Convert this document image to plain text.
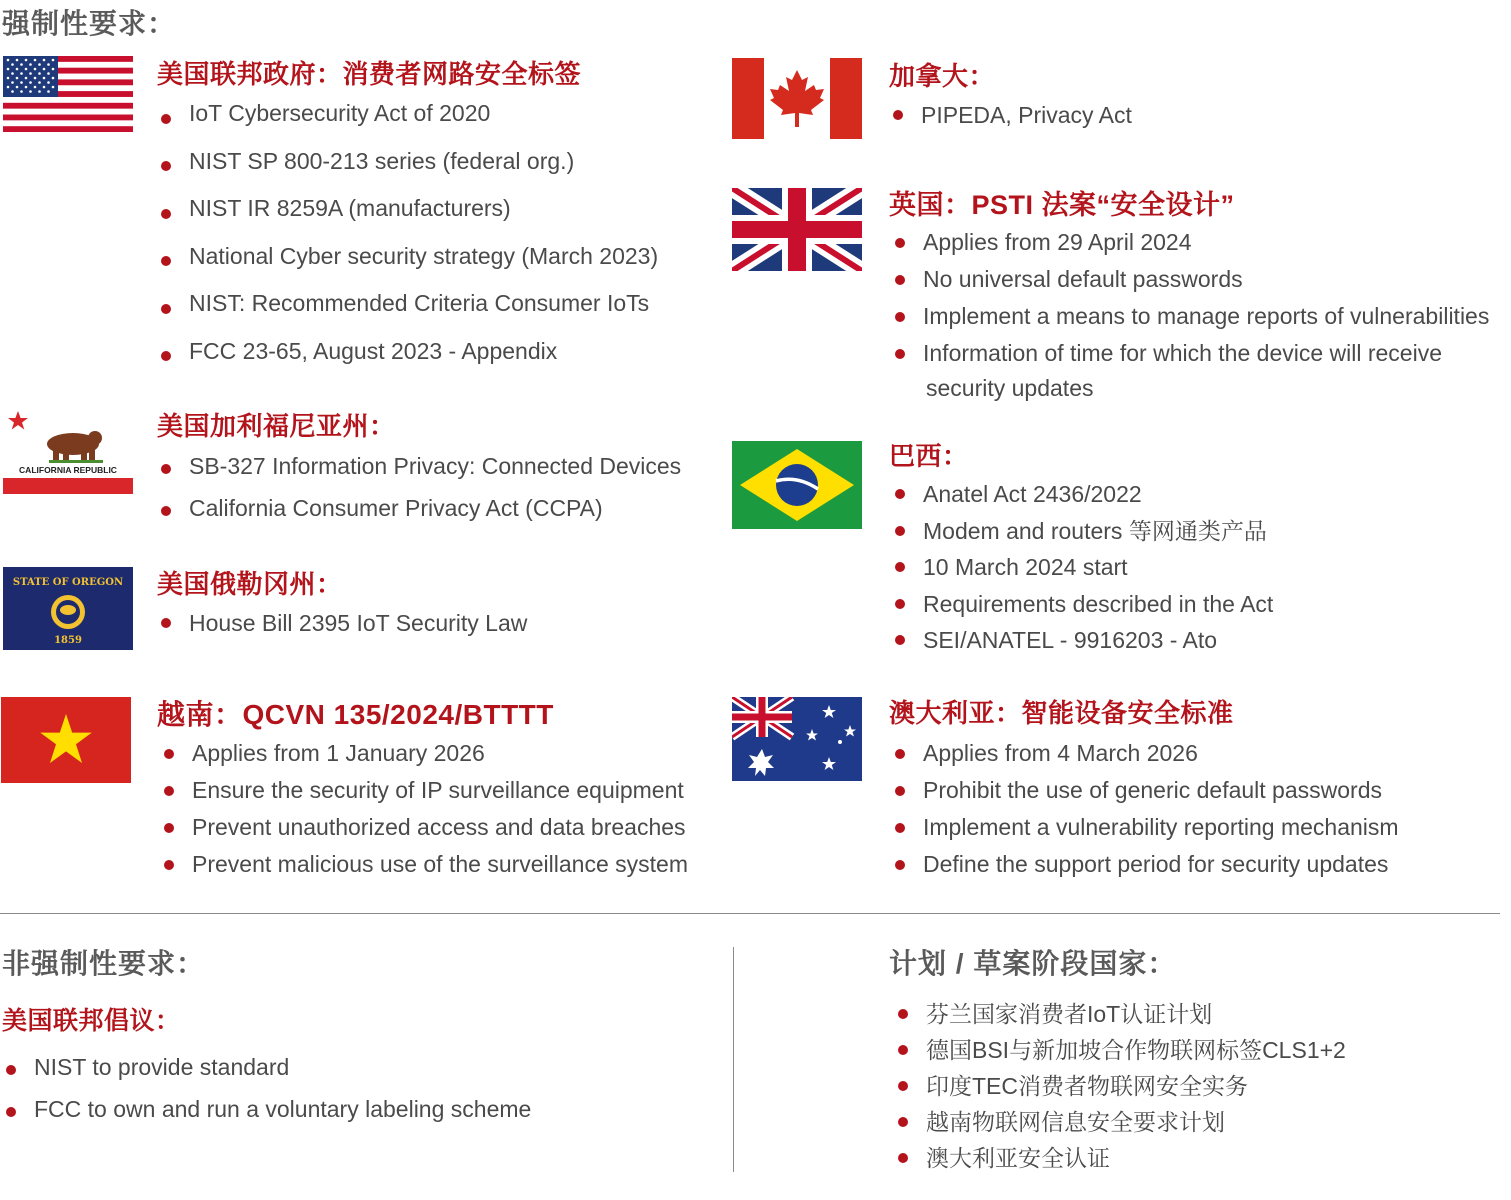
强制性要求：
美国联邦政府：消费者网路安全标签
IoT Cybersecurity Act of 2020
NIST SP 800-213 series (federal org.)
NIST IR 8259A (manufacturers)
National Cyber security strategy (March 2023)
NIST: Recommended Criteria Consumer IoTs
FCC 23-65, August 2023 - Appendix
CALIFORNIA REPUBLIC
美国加利福尼亚州：
SB-327 Information Privacy: Connected Devices
California Consumer Privacy Act (CCPA)
STATE OF OREGON
1859
美国俄勒冈州：
House Bill 2395 IoT Security Law
越南：QCVN 135/2024/BTTTT
Applies from 1 January 2026
Ensure the security of IP surveillance equipment
Prevent unauthorized access and data breaches
Prevent malicious use of the surveillance system
加拿大：
PIPEDA, Privacy Act
英国：PSTI 法案“安全设计”
Applies from 29 April 2024
No universal default passwords
Implement a means to manage reports of vulnerabilities
Information of time for which the device will receive
security updates
巴西：
Anatel Act 2436/2022
Modem and routers 等网通类产品
10 March 2024 start
Requirements described in the Act
SEI/ANATEL - 9916203 - Ato
澳大利亚：智能设备安全标准
Applies from 4 March 2026
Prohibit the use of generic default passwords
Implement a vulnerability reporting mechanism
Define the support period for security updates
非强制性要求：
美国联邦倡议：
NIST to provide standard
FCC to own and run a voluntary labeling scheme
计划 / 草案阶段国家：
芬兰国家消费者IoT认证计划
德国BSI与新加坡合作物联网标签CLS1+2
印度TEC消费者物联网安全实务
越南物联网信息安全要求计划
澳大利亚安全认证
